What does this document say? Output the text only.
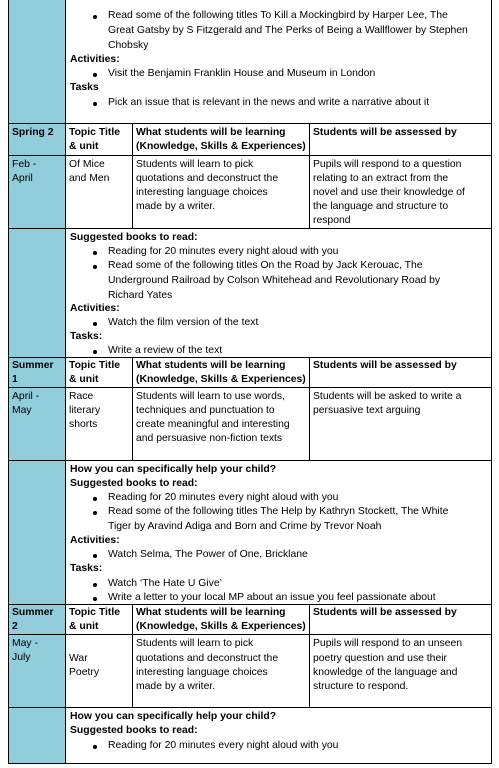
Read some of the following titles To Kill a Mockingbird by Harper Lee, The
Great Gatsby by S Fitzgerald and The Perks of Being a Wallflower by Stephen
Chobsky
Activities:
Visit the Benjamin Franklin House and Museum in London
Tasks
Pick an issue that is relevant in the news and write a narrative about it
Spring 2 Topic Title
& unit
What students will be learning
(Knowledge, Skills & Experiences)
Students will be assessed by
Feb -
April
Of Mice
and Men
Students will learn to pick
quotations and deconstruct the
interesting language choices
made by a writer.
Pupils will respond to a question
relating to an extract from the
novel and use their knowledge of
the language and structure to
respond
Suggested books to read:
Reading for 20 minutes every night aloud with you
Read some of the following titles On the Road by Jack Kerouac, The
Underground Railroad by Colson Whitehead and Revolutionary Road by
Richard Yates
Activities:
Watch the film version of the text
Tasks:
Write a review of the text
Summer
1
Topic Title
& unit
What students will be learning
(Knowledge, Skills & Experiences)
Students will be assessed by
April -
May
Race
literary
shorts
Students will learn to use words,
techniques and punctuation to
create meaningful and interesting
and persuasive non-fiction texts
Students will be asked to write a
persuasive text arguing
How you can specifically help your child?
Suggested books to read:
Reading for 20 minutes every night aloud with you
Read some of the following titles The Help by Kathryn Stockett, The White
Tiger by Aravind Adiga and Born and Crime by Trevor Noah
Activities:
Watch Selma, The Power of One, Bricklane
Tasks:
Watch ‘The Hate U Give’
Write a letter to your local MP about an issue you feel passionate about
Summer
2
Topic Title
& unit
What students will be learning
(Knowledge, Skills & Experiences)
Students will be assessed by
May -
July	War
Poetry
Students will learn to pick
quotations and deconstruct the
interesting language choices
made by a writer.
Pupils will respond to an unseen
poetry question and use their
knowledge of the language and
structure to respond.
How you can specifically help your child?
Suggested books to read:
Reading for 20 minutes every night aloud with you
